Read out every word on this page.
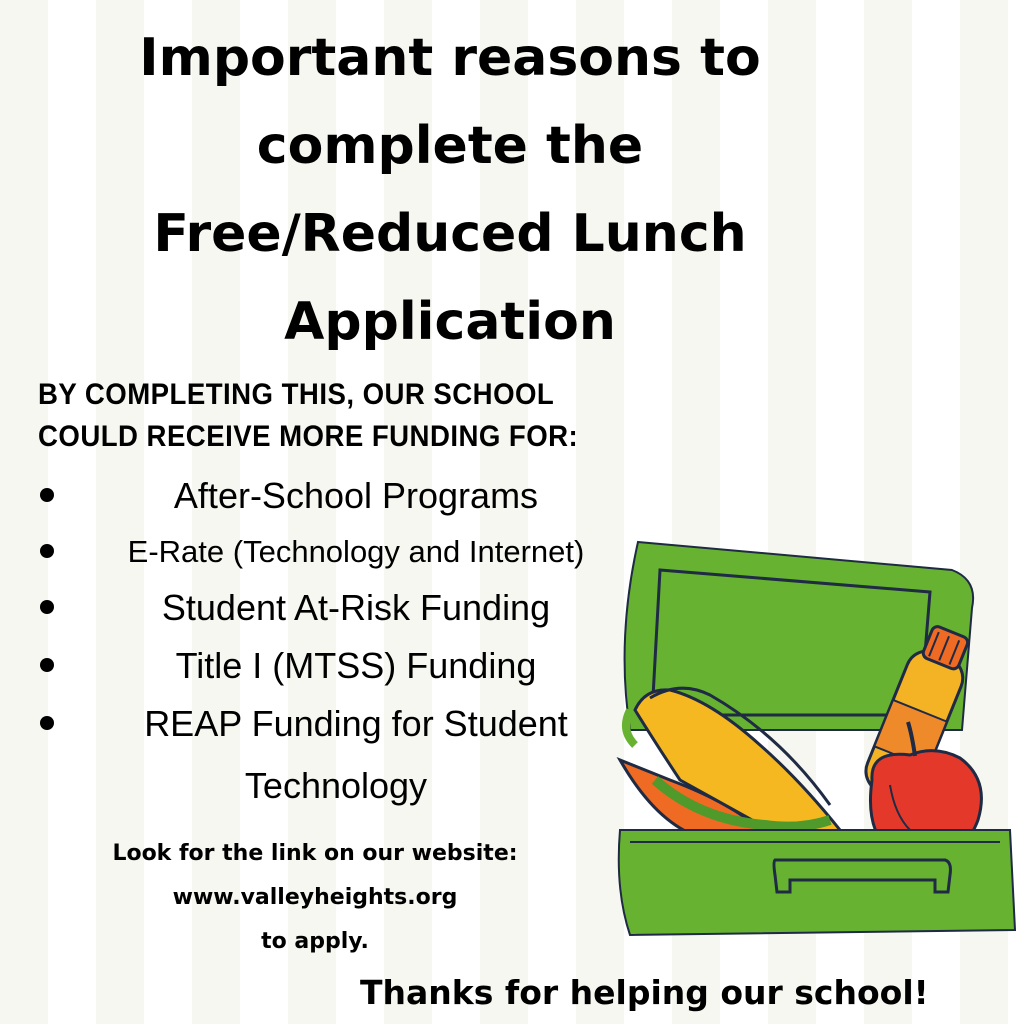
Important reasons to
complete the
Free/Reduced Lunch
Application
BY COMPLETING THIS, OUR SCHOOL
COULD RECEIVE MORE FUNDING FOR:
After-School Programs
E-Rate (Technology and Internet)
Student At-Risk Funding
Title I (MTSS) Funding
REAP Funding for Student
Technology
Look for the link on our website:
www.valleyheights.org
to apply.
Thanks for helping our school!
